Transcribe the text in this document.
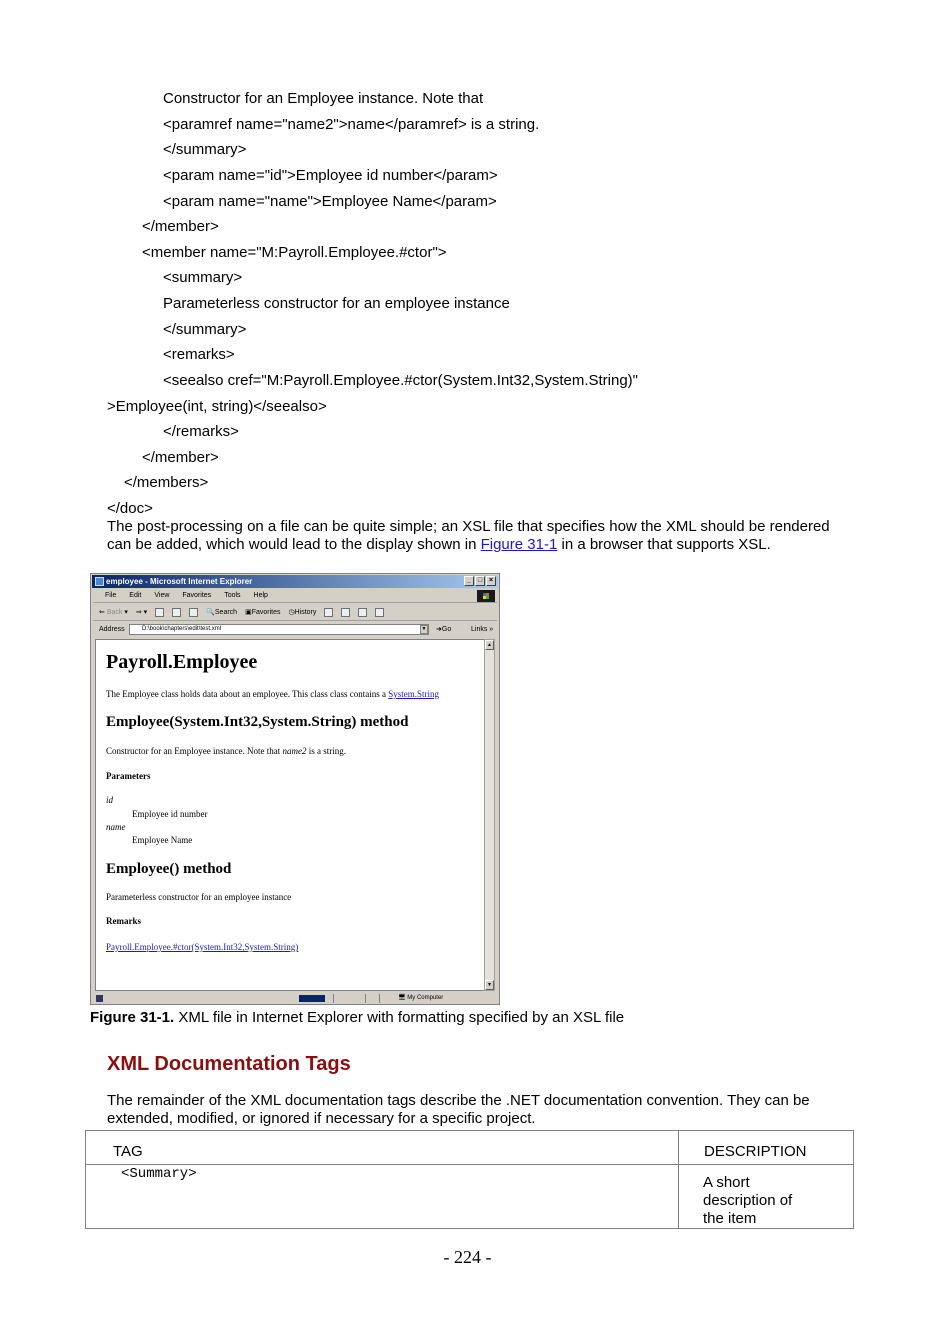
Constructor for an Employee instance. Note that
<paramref name="name2">name</paramref> is a string.
</summary>
<param name="id">Employee id number</param>
<param name="name">Employee Name</param>
</member>
<member name="M:Payroll.Employee.#ctor">
<summary>
Parameterless constructor for an employee instance
</summary>
<remarks>
<seealso cref="M:Payroll.Employee.#ctor(System.Int32,System.String)"
>Employee(int, string)</seealso>
</remarks>
</member>
</members>
</doc>
The post-processing on a file can be quite simple; an XSL file that specifies how the XML should be rendered can be added, which would lead to the display shown in Figure 31-1 in a browser that supports XSL.
employee - Microsoft Internet Explorer	_ □ ×
File Edit View Favorites Tools Help
⇐ Back ▾ ⇒ ▾	🔍Search ▣Favorites ◷History
Address	D:\book\chapters\edit\test.xml	▼ ➜Go	Links »
Payroll.Employee
The Employee class holds data about an employee. This class class contains a System.String
Employee(System.Int32,System.String) method
Constructor for an Employee instance. Note that name2 is a string.
Parameters
id
Employee id number
name
Employee Name
Employee() method
Parameterless constructor for an employee instance
Remarks
Payroll.Employee.#ctor(System.Int32,System.String)
▲
▼
🖥 My Computer
Figure 31-1. XML file in Internet Explorer with formatting specified by an XSL file
XML Documentation Tags
The remainder of the XML documentation tags describe the .NET documentation convention. They can be extended, modified, or ignored if necessary for a specific project.
TAG	DESCRIPTION

<Summary>	A short description of the item
- 224 -
